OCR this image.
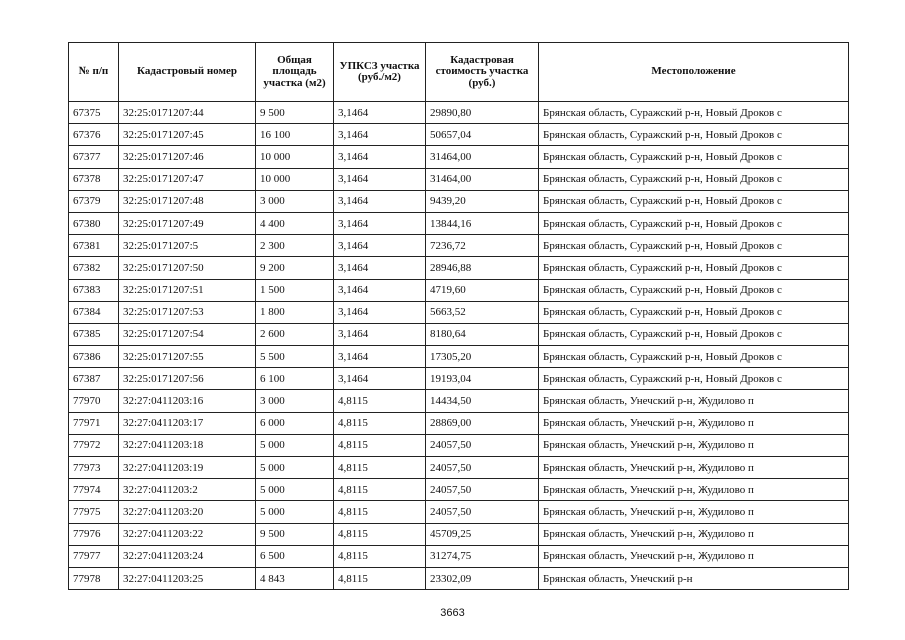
№ п/п	Кадастровый номер	Общая площадь участка (м2)	УПКСЗ участка (руб./м2)	Кадастровая стоимость участка (руб.)	Местоположение
67375	32:25:0171207:44	9 500	3,1464	29890,80	Брянская область, Суражский р-н, Новый Дроков с
67376	32:25:0171207:45	16 100	3,1464	50657,04	Брянская область, Суражский р-н, Новый Дроков с
67377	32:25:0171207:46	10 000	3,1464	31464,00	Брянская область, Суражский р-н, Новый Дроков с
67378	32:25:0171207:47	10 000	3,1464	31464,00	Брянская область, Суражский р-н, Новый Дроков с
67379	32:25:0171207:48	3 000	3,1464	9439,20	Брянская область, Суражский р-н, Новый Дроков с
67380	32:25:0171207:49	4 400	3,1464	13844,16	Брянская область, Суражский р-н, Новый Дроков с
67381	32:25:0171207:5	2 300	3,1464	7236,72	Брянская область, Суражский р-н, Новый Дроков с
67382	32:25:0171207:50	9 200	3,1464	28946,88	Брянская область, Суражский р-н, Новый Дроков с
67383	32:25:0171207:51	1 500	3,1464	4719,60	Брянская область, Суражский р-н, Новый Дроков с
67384	32:25:0171207:53	1 800	3,1464	5663,52	Брянская область, Суражский р-н, Новый Дроков с
67385	32:25:0171207:54	2 600	3,1464	8180,64	Брянская область, Суражский р-н, Новый Дроков с
67386	32:25:0171207:55	5 500	3,1464	17305,20	Брянская область, Суражский р-н, Новый Дроков с
67387	32:25:0171207:56	6 100	3,1464	19193,04	Брянская область, Суражский р-н, Новый Дроков с
77970	32:27:0411203:16	3 000	4,8115	14434,50	Брянская область, Унечский р-н, Жудилово п
77971	32:27:0411203:17	6 000	4,8115	28869,00	Брянская область, Унечский р-н, Жудилово п
77972	32:27:0411203:18	5 000	4,8115	24057,50	Брянская область, Унечский р-н, Жудилово п
77973	32:27:0411203:19	5 000	4,8115	24057,50	Брянская область, Унечский р-н, Жудилово п
77974	32:27:0411203:2	5 000	4,8115	24057,50	Брянская область, Унечский р-н, Жудилово п
77975	32:27:0411203:20	5 000	4,8115	24057,50	Брянская область, Унечский р-н, Жудилово п
77976	32:27:0411203:22	9 500	4,8115	45709,25	Брянская область, Унечский р-н, Жудилово п
77977	32:27:0411203:24	6 500	4,8115	31274,75	Брянская область, Унечский р-н, Жудилово п
77978	32:27:0411203:25	4 843	4,8115	23302,09	Брянская область, Унечский р-н
3663
